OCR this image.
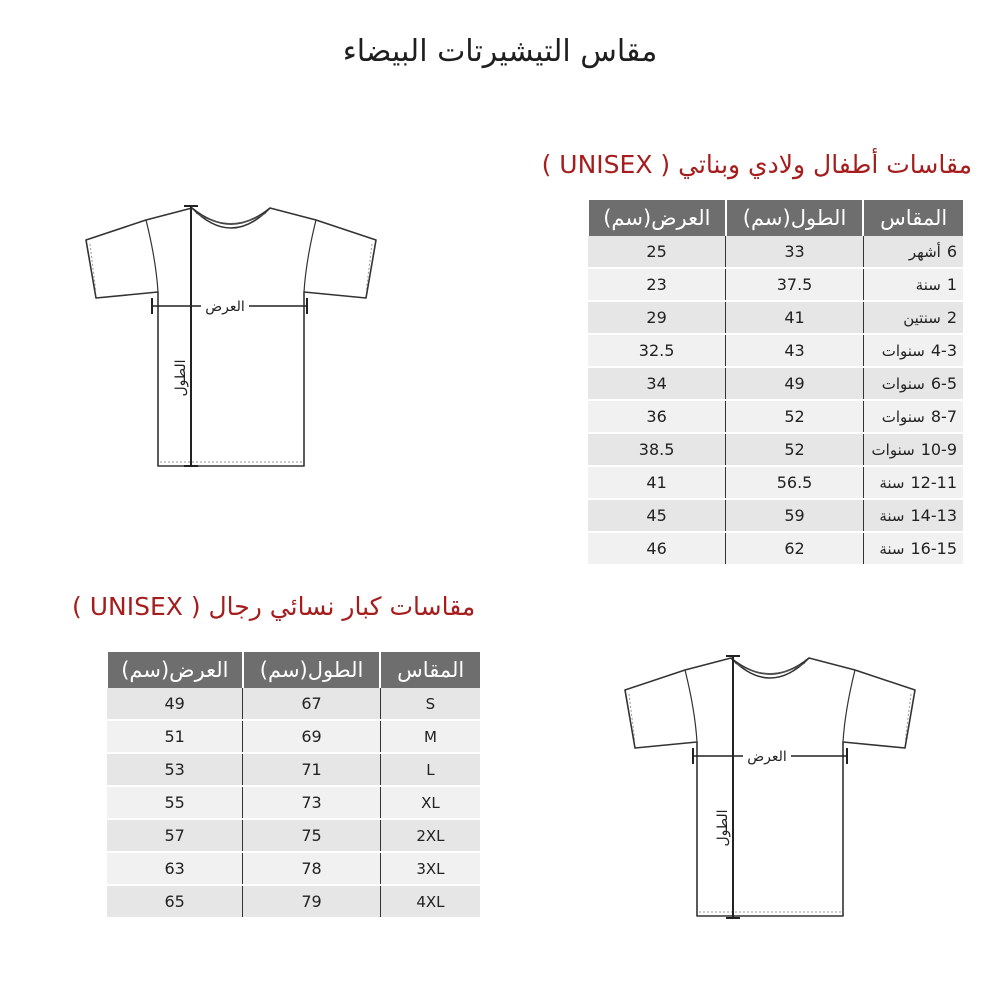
مقاس التيشيرتات البيضاء
مقاسات أطفال ولادي وبناتي ( UNISEX )
المقاس	الطول(سم)	العرض(سم)
6أشهر	33	25
1سنة	37.5	23
2سنتين	41	29
4-3سنوات	43	32.5
6-5سنوات	49	34
8-7سنوات	52	36
10-9سنوات	52	38.5
12-11سنة	56.5	41
14-13سنة	59	45
16-15سنة	62	46
مقاسات كبار نسائي رجال ( UNISEX )
المقاس	الطول(سم)	العرض(سم)
S	67	49
M	69	51
L	71	53
XL	73	55
2XL	75	57
3XL	78	63
4XL	79	65
العرض
الطول
العرض
الطول
